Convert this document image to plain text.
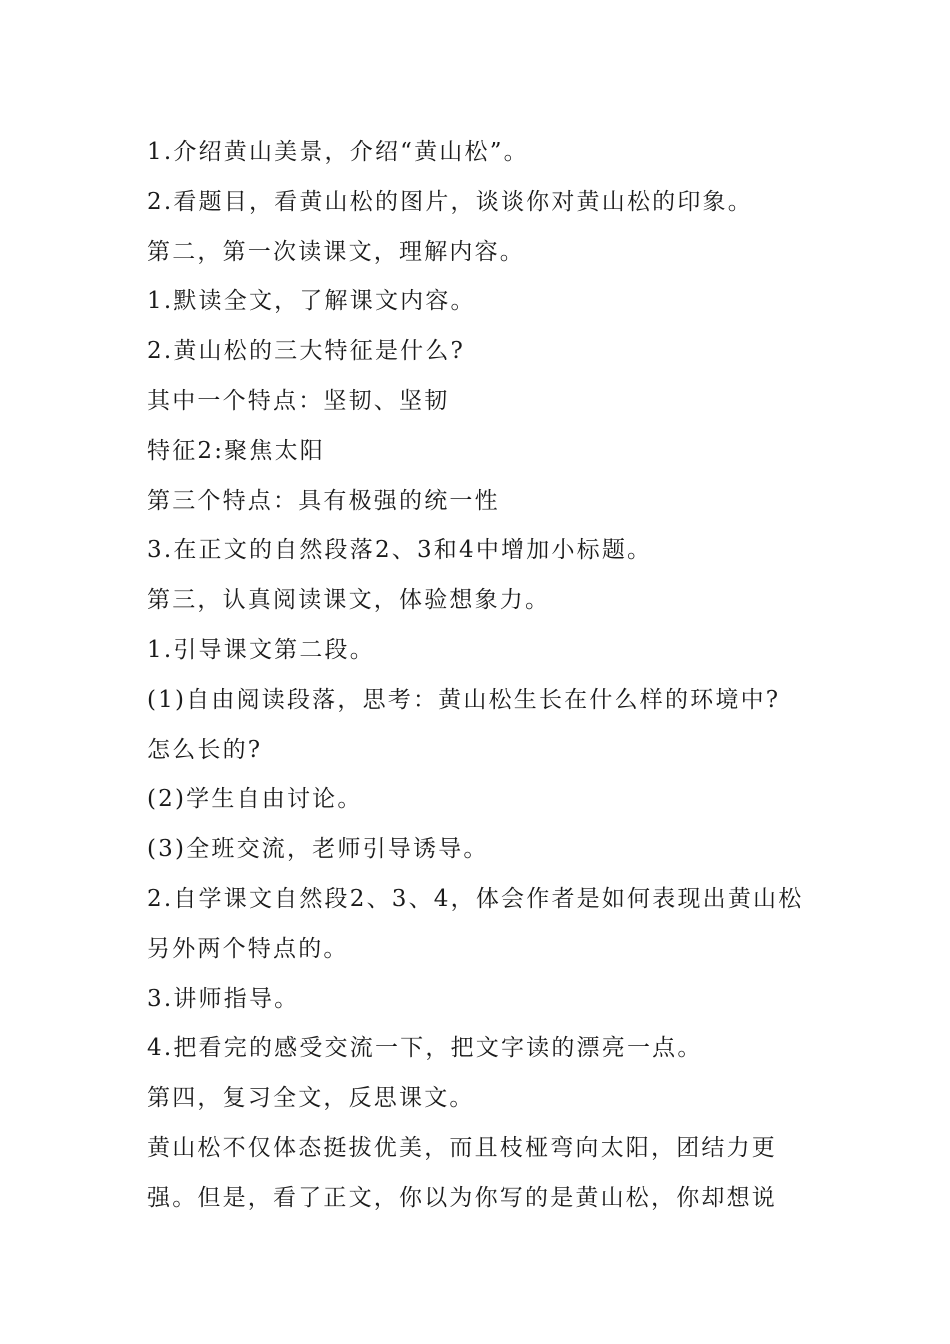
1.介绍黄山美景，介绍“黄山松”。

2.看题目，看黄山松的图片，谈谈你对黄山松的印象。

第二，第一次读课文，理解内容。

1.默读全文，了解课文内容。

2.黄山松的三大特征是什么?

其中一个特点：坚韧、坚韧

特征2:聚焦太阳

第三个特点：具有极强的统一性

3.在正文的自然段落2、3和4中增加小标题。

第三，认真阅读课文，体验想象力。

1.引导课文第二段。

(1)自由阅读段落，思考：黄山松生长在什么样的环境中?

怎么长的?

(2)学生自由讨论。

(3)全班交流，老师引导诱导。

2.自学课文自然段2、3、4，体会作者是如何表现出黄山松

另外两个特点的。

3.讲师指导。

4.把看完的感受交流一下，把文字读的漂亮一点。

第四，复习全文，反思课文。

黄山松不仅体态挺拔优美，而且枝桠弯向太阳，团结力更

强。但是，看了正文，你以为你写的是黄山松，你却想说
